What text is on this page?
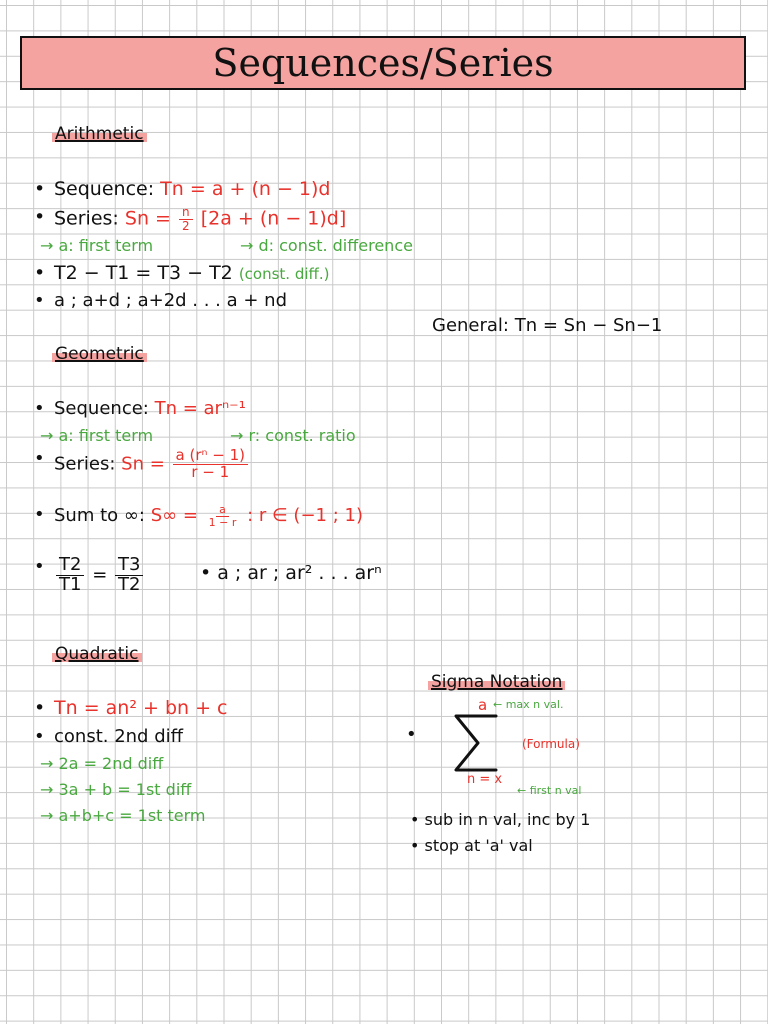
Sequences/Series
Arithmetic
• Sequence: Tn = a + (n − 1)d
• Series: $Sn = \frac{n}{2} [2a + (n - 1)d]$
→ a: first term	→ d: const. difference
• T2 − T1 = T3 − T2 (const. diff.)
• a ; a+d ; a+2d . . . a + nd
General: Tn = Sn − Sn−1
Geometric
• Sequence: Tn = arⁿ⁻¹
→ a: first term	→ r: const. ratio
• Series: $Sn = \frac{\text{a (rⁿ − 1)}}{r - 1}$
• Sum to ∞: $S\infty = \frac{a}{1 - r}$ : r ∈ (−1 ; 1)
• $\frac{T2}{T1} = \frac{T3}{T2}$	• a ; ar ; ar² . . . arⁿ
Quadratic
• Tn = an² + bn + c
• const. 2nd diff
→ 2a = 2nd diff
→ 3a + b = 1st diff
→ a+b+c = 1st term
Sigma Notation
•
a ← max n val.
(Formula)
n = x
← first n val
• sub in n val, inc by 1
• stop at 'a' val
